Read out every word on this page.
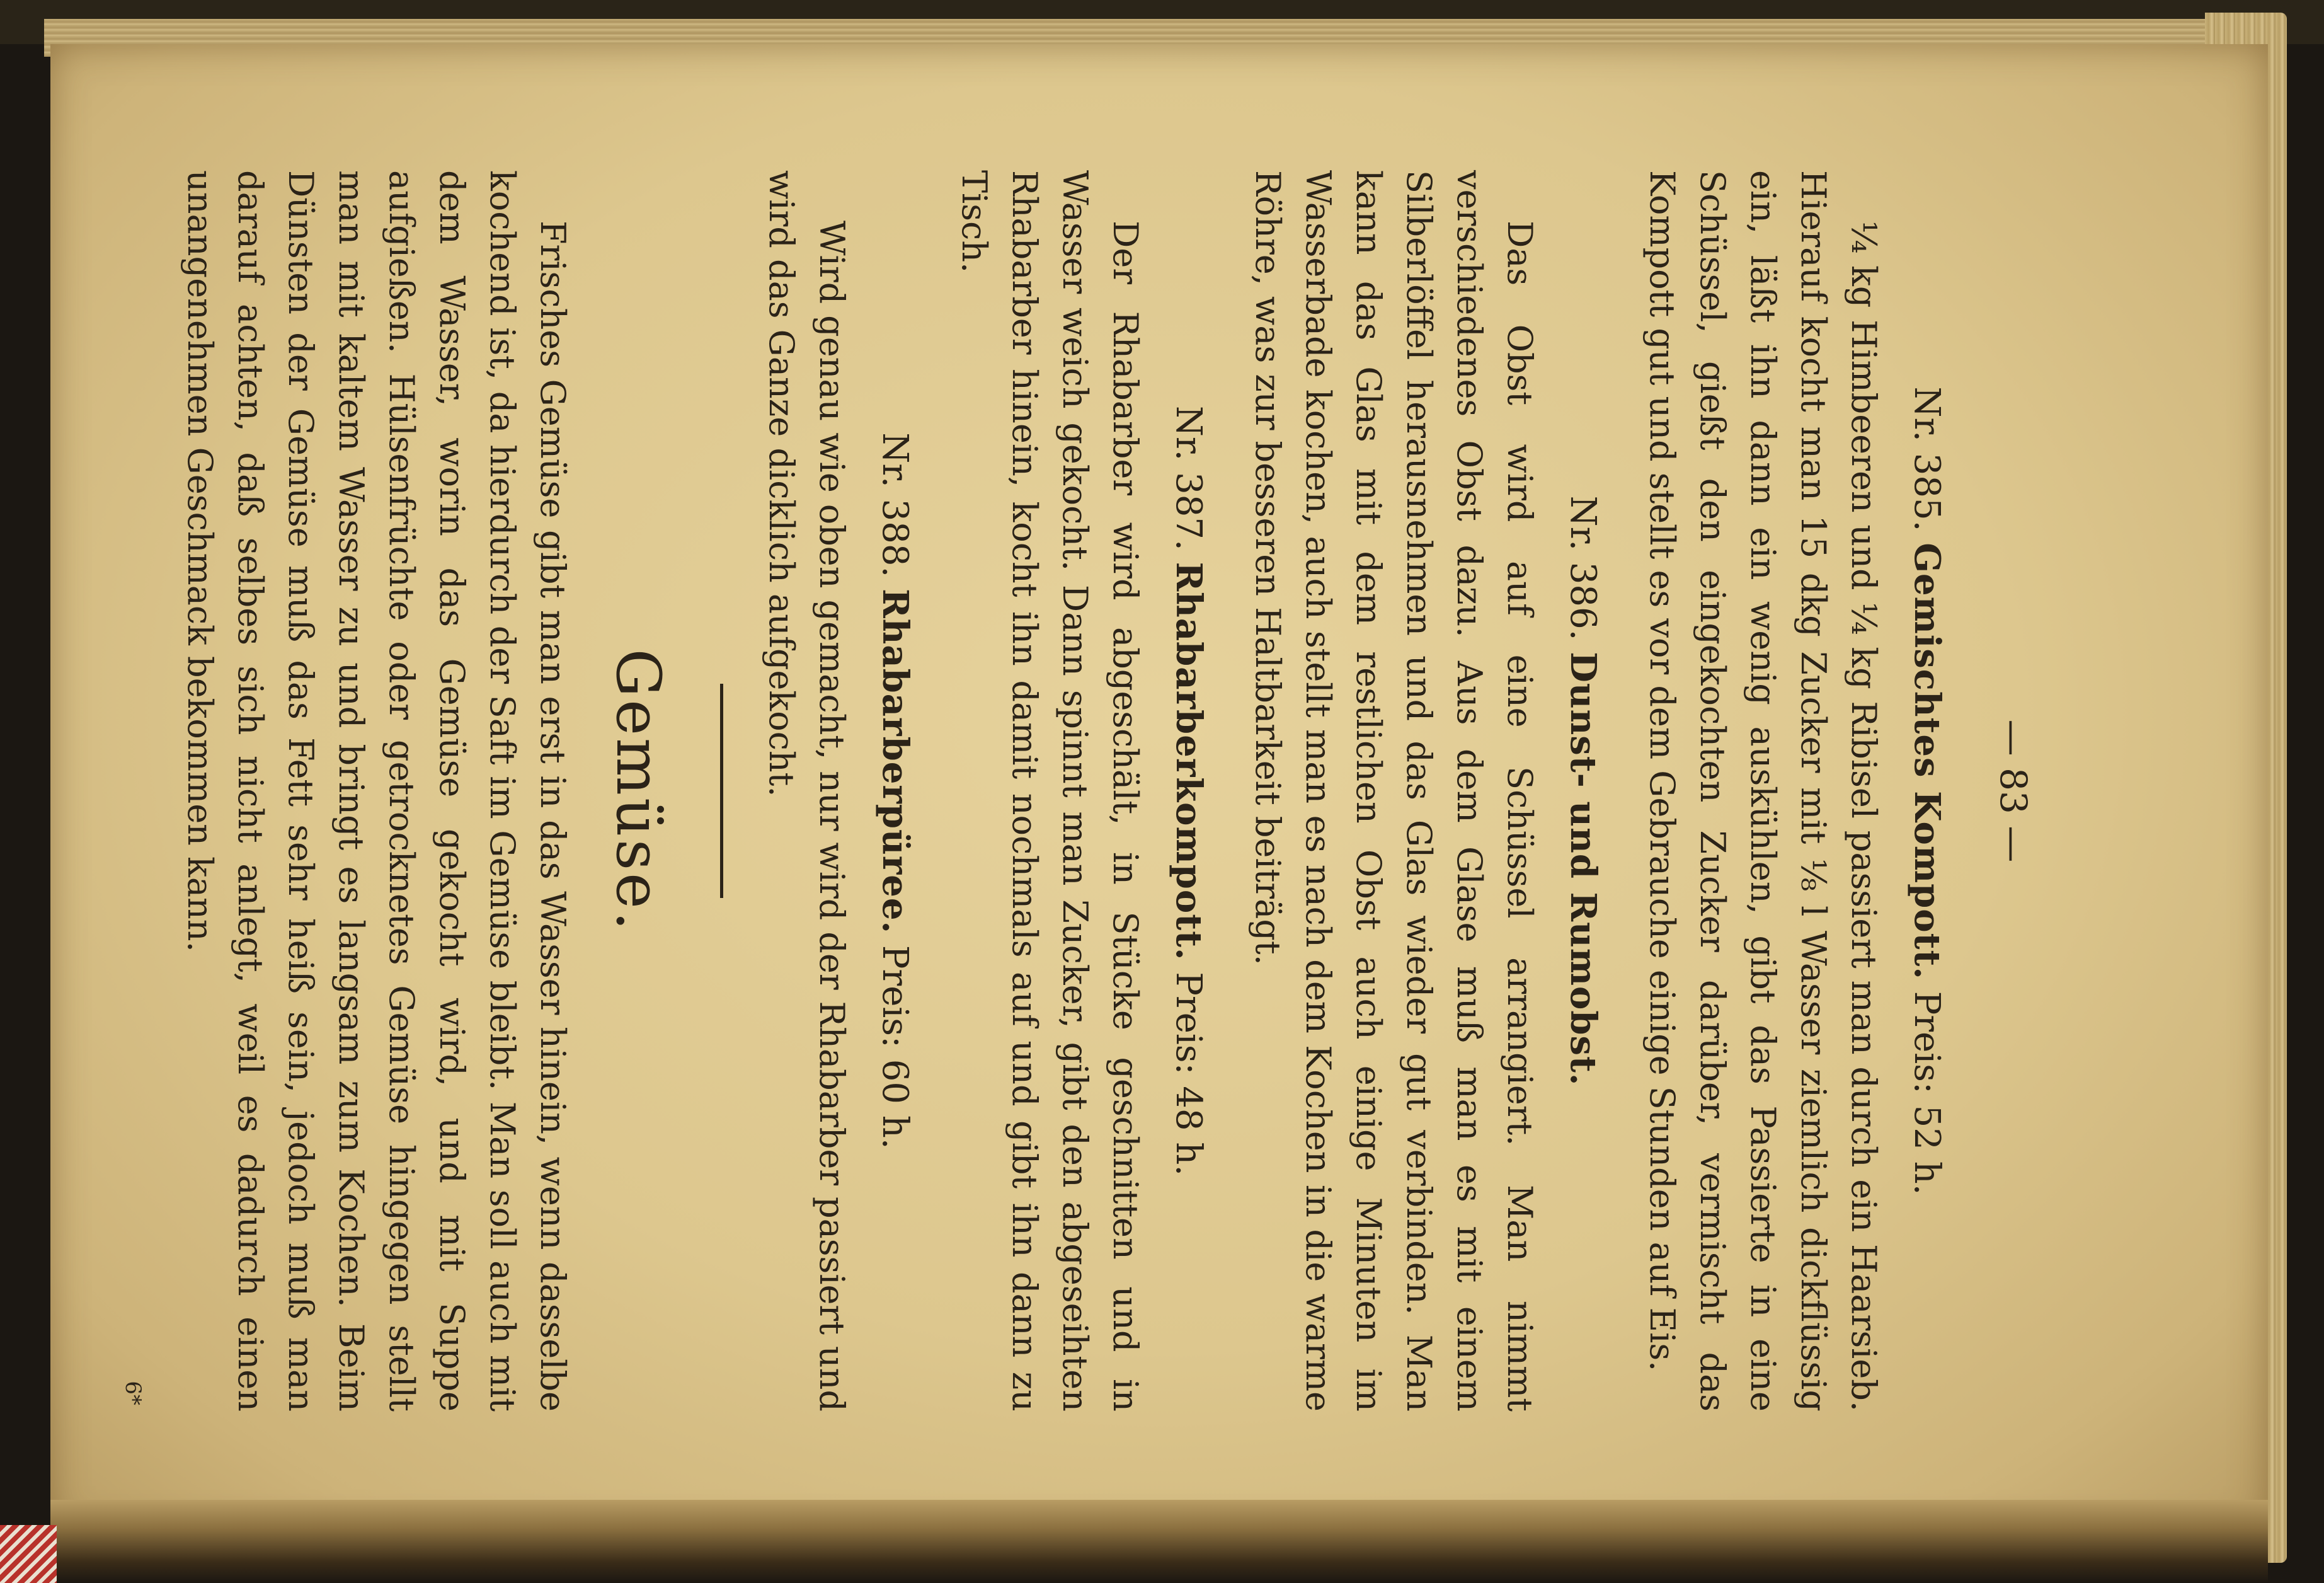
— 83 —
Nr. 385. Gemischtes Kompott. Preis: 52 h.

¼ kg Himbeeren und ¼ kg Ribisel passiert man durch ein Haarsieb. Hierauf kocht man 15 dkg Zucker mit ⅛ l Wasser ziemlich dickflüssig ein, läßt ihn dann ein wenig auskühlen, gibt das Passierte in eine Schüssel, gießt den eingekochten Zucker darüber, vermischt das Kompott gut und stellt es vor dem Gebrauche einige Stunden auf Eis.

Nr. 386. Dunst- und Rumobst.

Das Obst wird auf eine Schüssel arrangiert. Man nimmt verschiedenes Obst dazu. Aus dem Glase muß man es mit einem Silberlöffel herausnehmen und das Glas wieder gut verbinden. Man kann das Glas mit dem restlichen Obst auch einige Minuten im Wasserbade kochen, auch stellt man es nach dem Kochen in die warme Röhre, was zur besseren Haltbarkeit beiträgt.

Nr. 387. Rhabarberkompott. Preis: 48 h.

Der Rhabarber wird abgeschält, in Stücke geschnitten und in Wasser weich gekocht. Dann spinnt man Zucker, gibt den abgeseihten Rhabarber hinein, kocht ihn damit nochmals auf und gibt ihn dann zu Tisch.

Nr. 388. Rhabarberpüree. Preis: 60 h.

Wird genau wie oben gemacht, nur wird der Rhabarber passiert und wird das Ganze dicklich aufgekocht.

Gemüse.

Frisches Gemüse gibt man erst in das Wasser hinein, wenn dasselbe kochend ist, da hierdurch der Saft im Gemüse bleibt. Man soll auch mit dem Wasser, worin das Gemüse gekocht wird, und mit Suppe aufgießen. Hülsenfrüchte oder getrocknetes Gemüse hingegen stellt man mit kaltem Wasser zu und bringt es langsam zum Kochen. Beim Dünsten der Gemüse muß das Fett sehr heiß sein, jedoch muß man darauf achten, daß selbes sich nicht anlegt, weil es dadurch einen unangenehmen Geschmack bekommen kann.

6*
